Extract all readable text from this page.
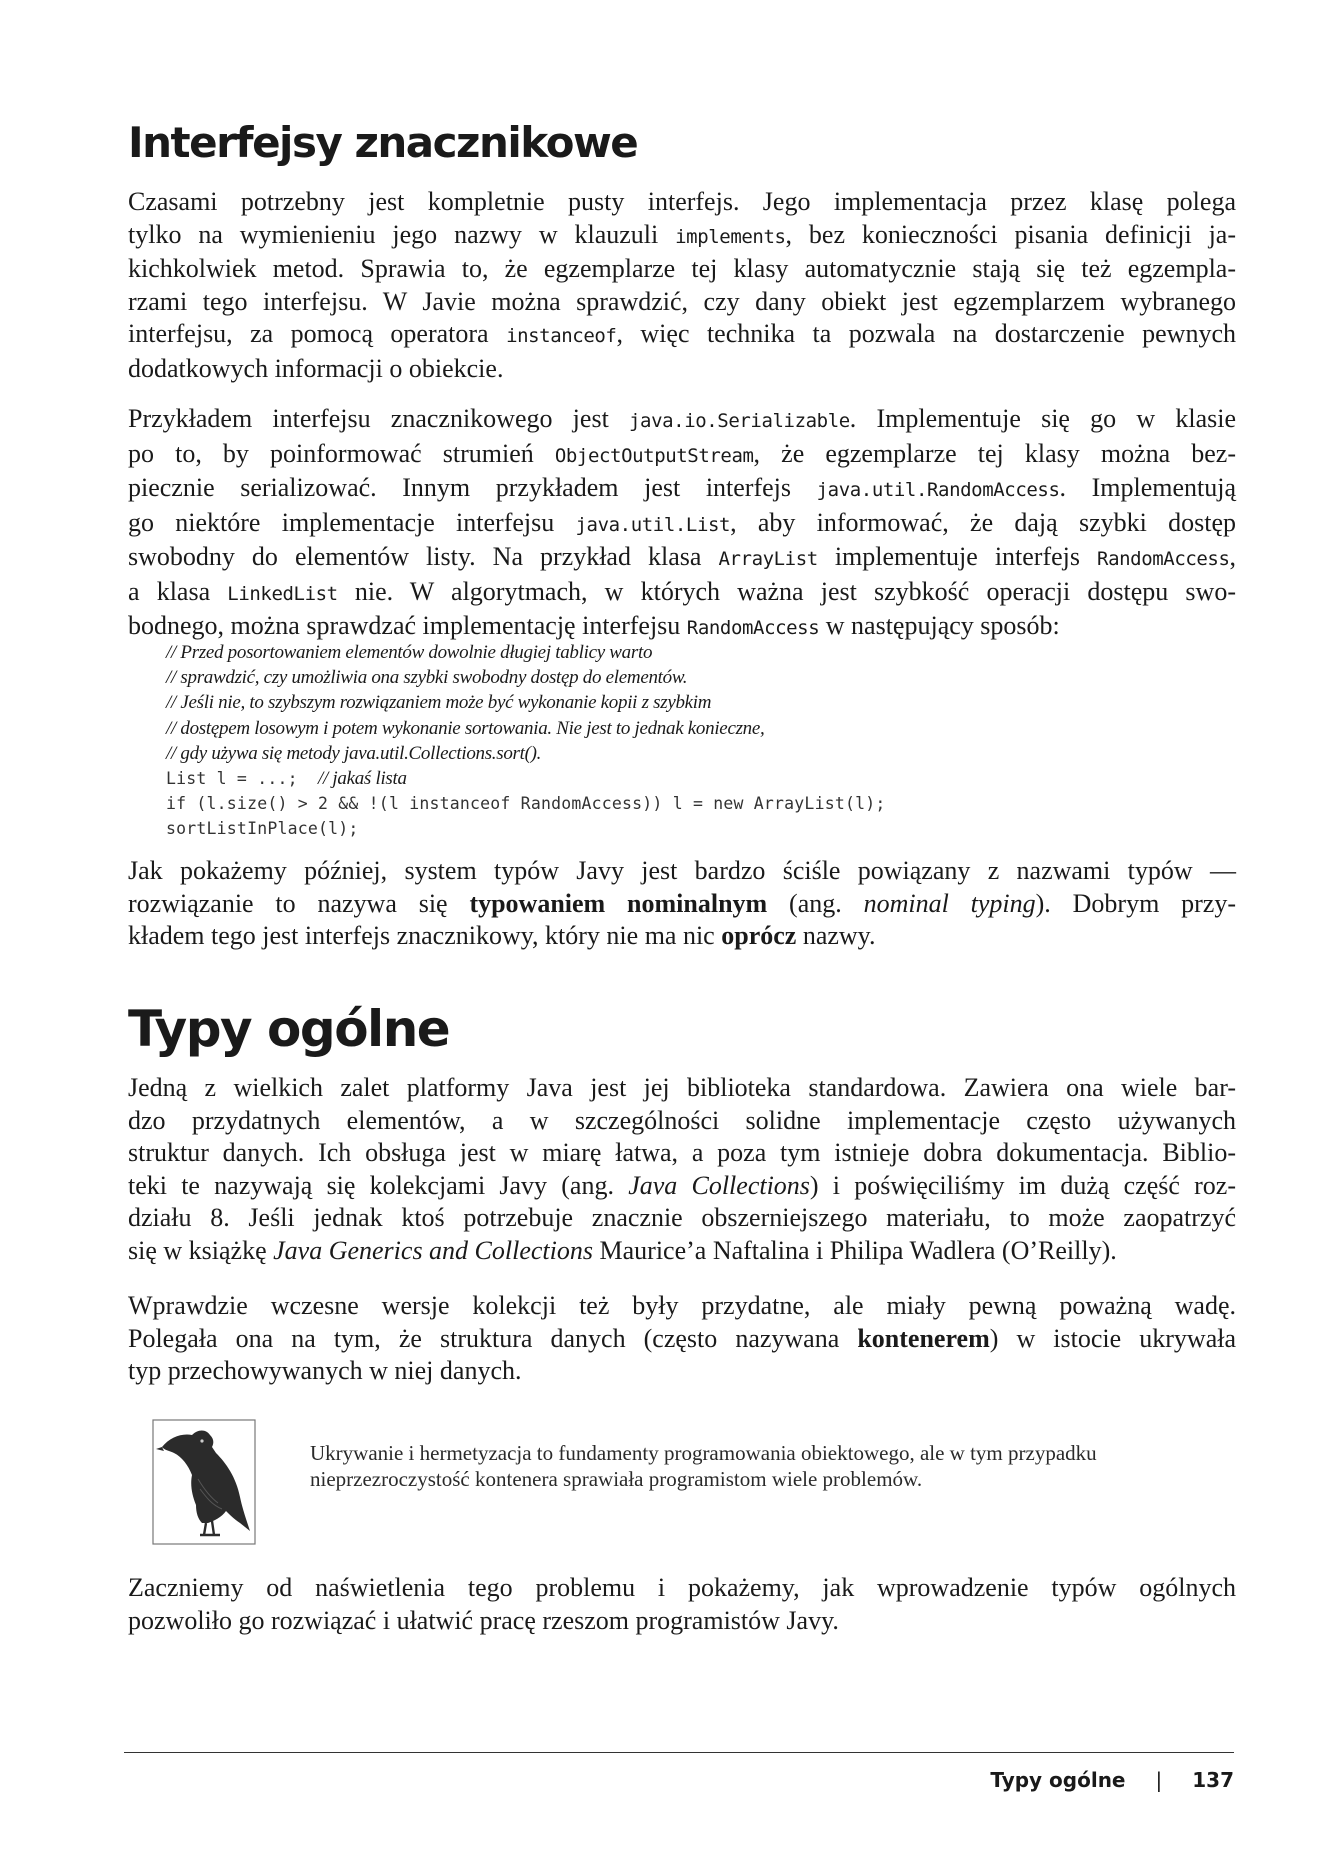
Interfejsy znacznikowe

Czasami potrzebny jest kompletnie pusty interfejs. Jego implementacja przez klasę polega
tylko na wymienieniu jego nazwy w klauzuli implements, bez konieczności pisania definicji ja-
kichkolwiek metod. Sprawia to, że egzemplarze tej klasy automatycznie stają się też egzempla-
rzami tego interfejsu. W Javie można sprawdzić, czy dany obiekt jest egzemplarzem wybranego
interfejsu, za pomocą operatora instanceof, więc technika ta pozwala na dostarczenie pewnych
dodatkowych informacji o obiekcie.

Przykładem interfejsu znacznikowego jest java.io.Serializable. Implementuje się go w klasie
po to, by poinformować strumień ObjectOutputStream, że egzemplarze tej klasy można bez-
piecznie serializować. Innym przykładem jest interfejs java.util.RandomAccess. Implementują
go niektóre implementacje interfejsu java.util.List, aby informować, że dają szybki dostęp
swobodny do elementów listy. Na przykład klasa ArrayList implementuje interfejs RandomAccess,
a klasa LinkedList nie. W algorytmach, w których ważna jest szybkość operacji dostępu swo-
bodnego, można sprawdzać implementację interfejsu RandomAccess w następujący sposób:

// Przed posortowaniem elementów dowolnie długiej tablicy warto
// sprawdzić, czy umożliwia ona szybki swobodny dostęp do elementów.
// Jeśli nie, to szybszym rozwiązaniem może być wykonanie kopii z szybkim
// dostępem losowym i potem wykonanie sortowania. Nie jest to jednak konieczne,
// gdy używa się metody java.util.Collections.sort().
List l = ...;  // jakaś lista
if (l.size() > 2 && !(l instanceof RandomAccess)) l = new ArrayList(l);
sortListInPlace(l);

Jak pokażemy później, system typów Javy jest bardzo ściśle powiązany z nazwami typów —
rozwiązanie to nazywa się typowaniem nominalnym (ang. nominal typing). Dobrym przy-
kładem tego jest interfejs znacznikowy, który nie ma nic oprócz nazwy.

Typy ogólne

Jedną z wielkich zalet platformy Java jest jej biblioteka standardowa. Zawiera ona wiele bar-
dzo przydatnych elementów, a w szczególności solidne implementacje często używanych
struktur danych. Ich obsługa jest w miarę łatwa, a poza tym istnieje dobra dokumentacja. Biblio-
teki te nazywają się kolekcjami Javy (ang. Java Collections) i poświęciliśmy im dużą część roz-
działu 8. Jeśli jednak ktoś potrzebuje znacznie obszerniejszego materiału, to może zaopatrzyć
się w książkę Java Generics and Collections Maurice’a Naftalina i Philipa Wadlera (O’Reilly).

Wprawdzie wczesne wersje kolekcji też były przydatne, ale miały pewną poważną wadę.
Polegała ona na tym, że struktura danych (często nazywana kontenerem) w istocie ukrywała
typ przechowywanych w niej danych.

Ukrywanie i hermetyzacja to fundamenty programowania obiektowego, ale w tym przypadku nieprzezroczystość kontenera sprawiała programistom wiele problemów.

Zaczniemy od naświetlenia tego problemu i pokażemy, jak wprowadzenie typów ogólnych
pozwoliło go rozwiązać i ułatwić pracę rzeszom programistów Javy.

Typy ogólne | 137
